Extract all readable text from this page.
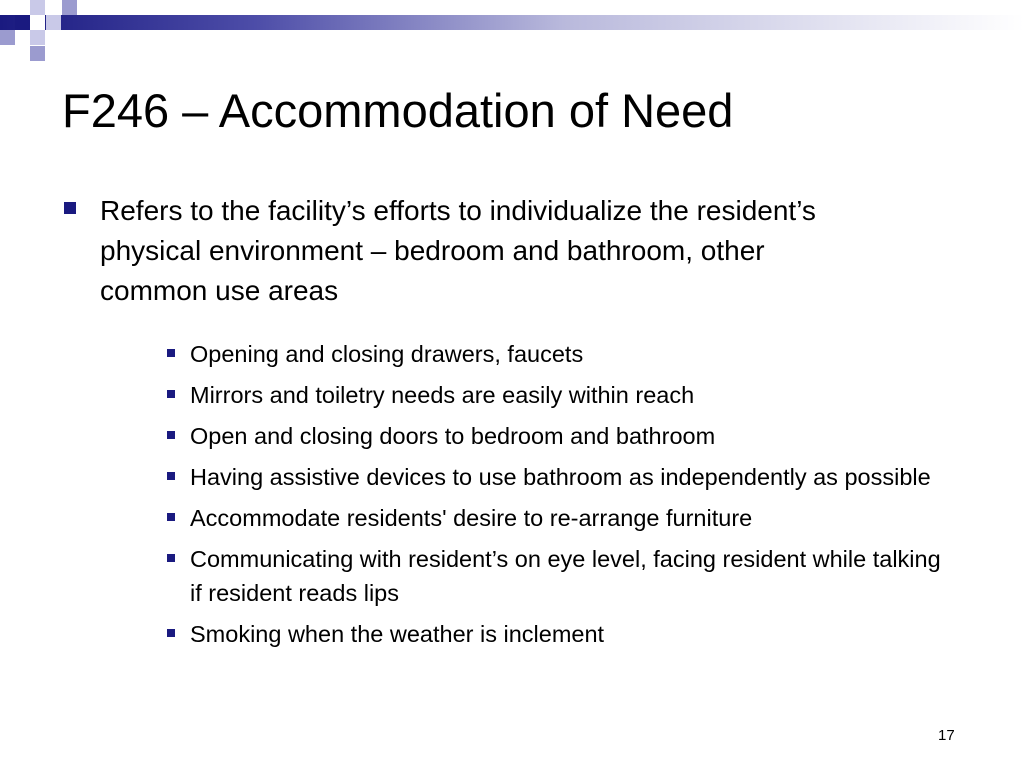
F246 – Accommodation of Need
Refers to the facility’s efforts to individualize the resident’s physical environment – bedroom and bathroom, other common use areas
Opening and closing drawers, faucets
Mirrors and toiletry needs are easily within reach
Open and closing doors to bedroom and bathroom
Having assistive devices to use bathroom as independently as possible
Accommodate residents' desire to re-arrange furniture
Communicating with resident’s on eye level, facing resident while talking if resident reads lips
Smoking when the weather is inclement
17
